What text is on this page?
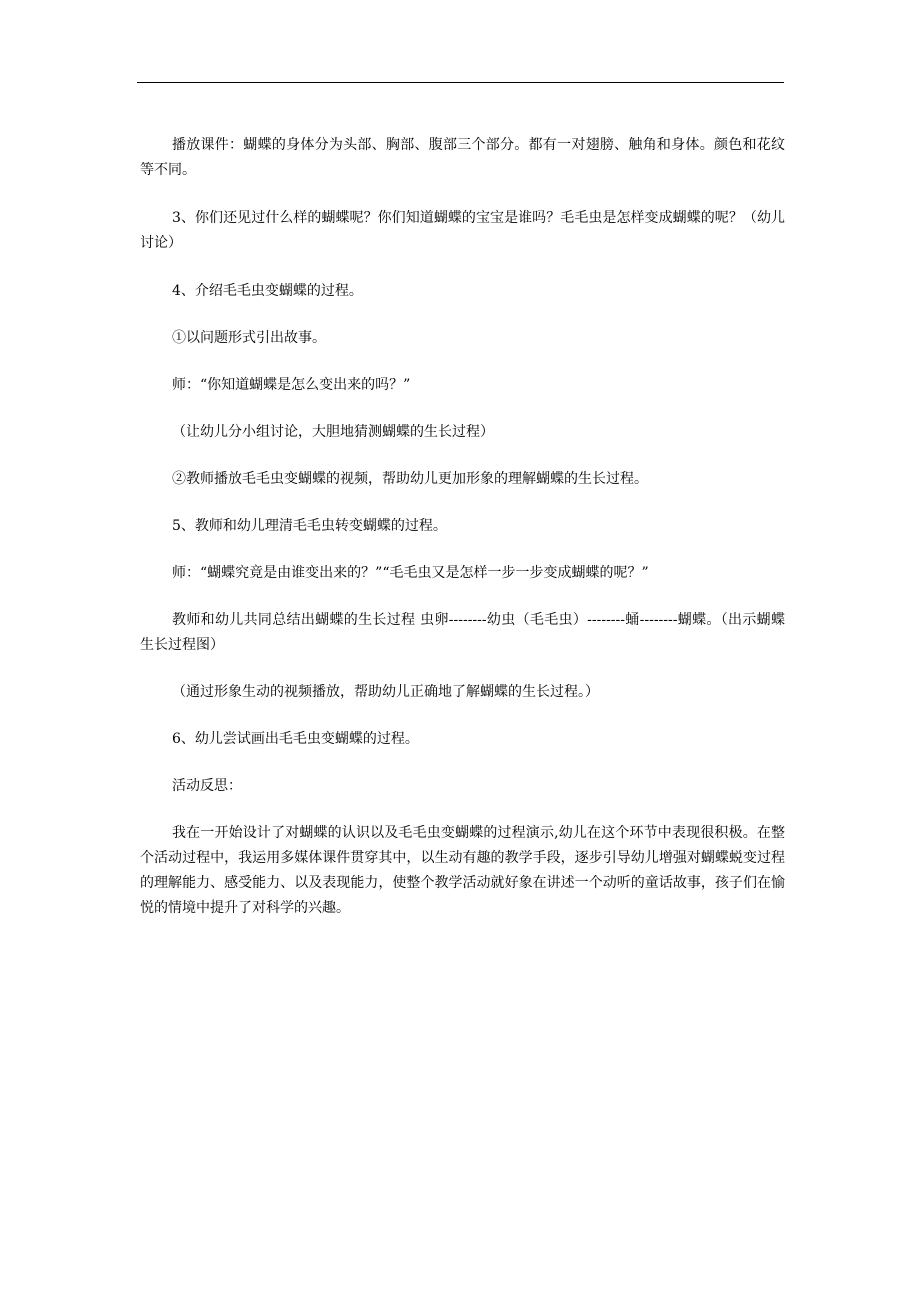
播放课件：蝴蝶的身体分为头部、胸部、腹部三个部分。都有一对翅膀、触角和身体。颜色和花纹等不同。

3、你们还见过什么样的蝴蝶呢？你们知道蝴蝶的宝宝是谁吗？毛毛虫是怎样变成蝴蝶的呢？（幼儿讨论）

4、介绍毛毛虫变蝴蝶的过程。

①以问题形式引出故事。

师：“你知道蝴蝶是怎么变出来的吗？”

（让幼儿分小组讨论，大胆地猜测蝴蝶的生长过程）

②教师播放毛毛虫变蝴蝶的视频，帮助幼儿更加形象的理解蝴蝶的生长过程。

5、教师和幼儿理清毛毛虫转变蝴蝶的过程。

师：“蝴蝶究竟是由谁变出来的？”“毛毛虫又是怎样一步一步变成蝴蝶的呢？”

教师和幼儿共同总结出蝴蝶的生长过程 虫卵--------幼虫（毛毛虫）--------蛹--------蝴蝶。（出示蝴蝶生长过程图）

（通过形象生动的视频播放，帮助幼儿正确地了解蝴蝶的生长过程。）

6、幼儿尝试画出毛毛虫变蝴蝶的过程。

活动反思：

我在一开始设计了对蝴蝶的认识以及毛毛虫变蝴蝶的过程演示,幼儿在这个环节中表现很积极。在整个活动过程中，我运用多媒体课件贯穿其中，以生动有趣的教学手段，逐步引导幼儿增强对蝴蝶蜕变过程的理解能力、感受能力、以及表现能力，使整个教学活动就好象在讲述一个动听的童话故事，孩子们在愉悦的情境中提升了对科学的兴趣。
